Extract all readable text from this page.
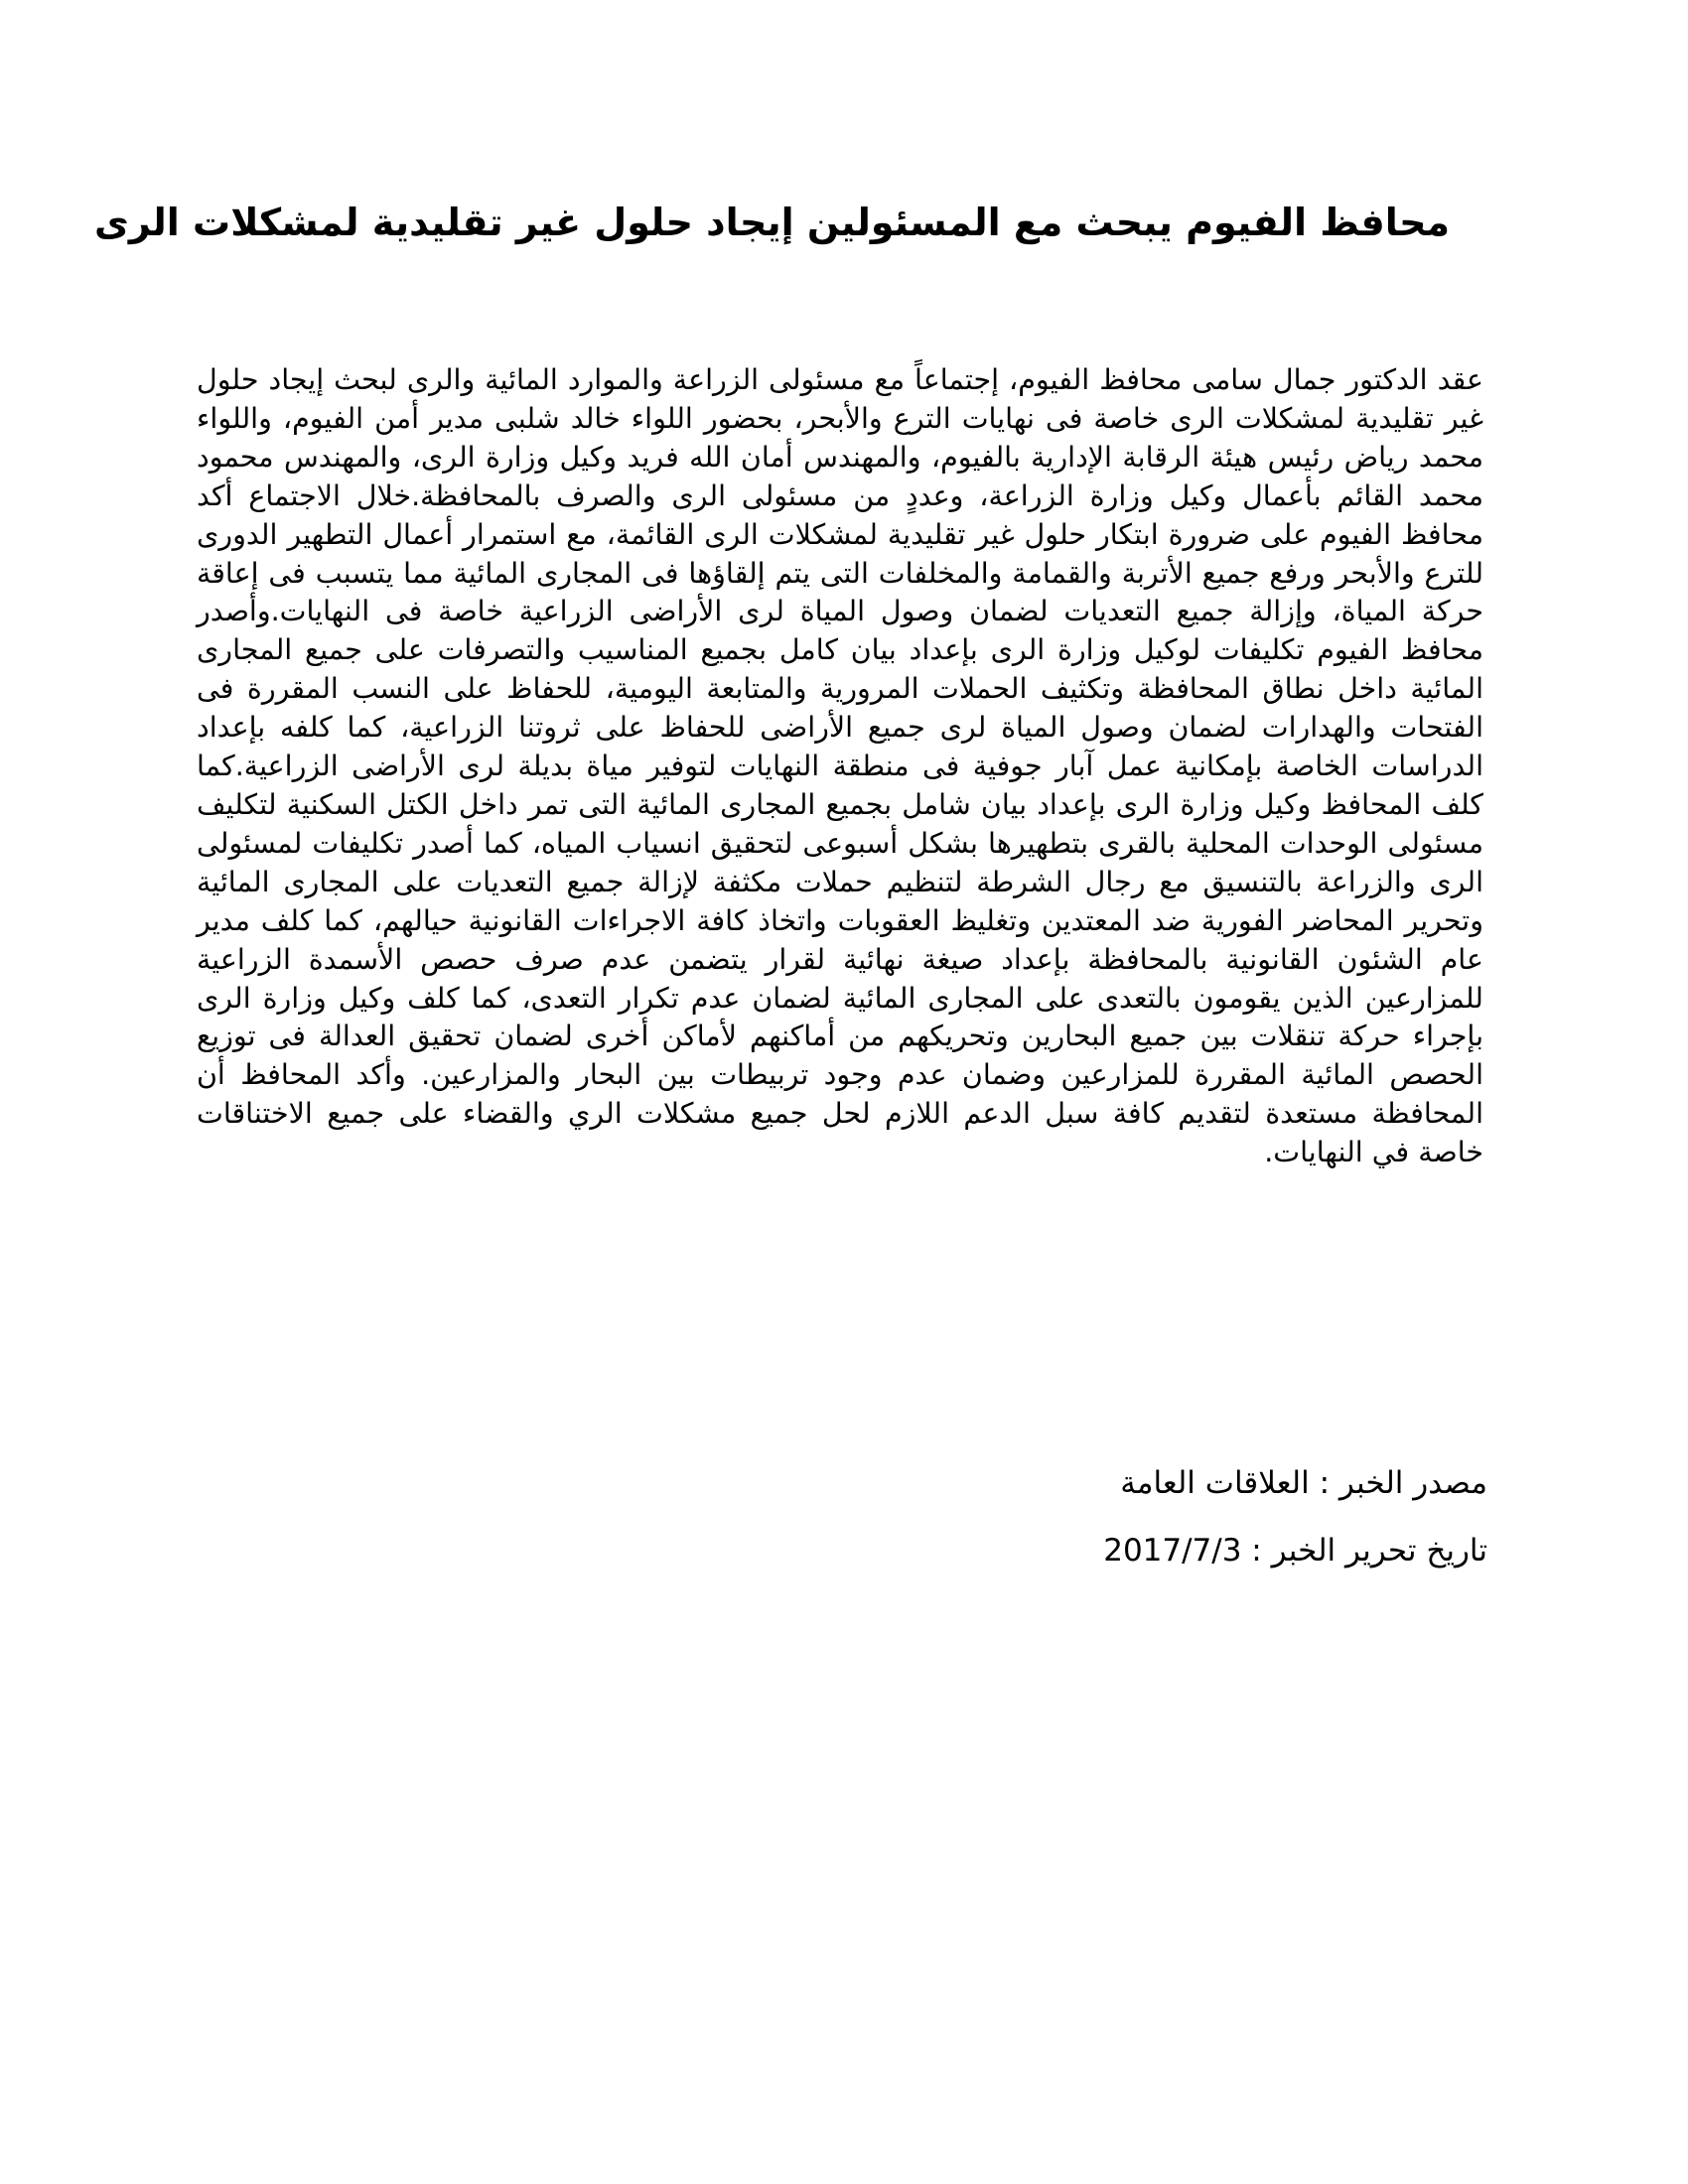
محافظ الفيوم يبحث مع المسئولين إيجاد حلول غير تقليدية لمشكلات الرى

عقد الدكتور جمال سامى محافظ الفيوم، إجتماعاً مع مسئولى الزراعة والموارد المائية والرى لبحث إيجاد حلول غير تقليدية لمشكلات الرى خاصة فى نهايات الترع والأبحر، بحضور اللواء خالد شلبى مدير أمن الفيوم، واللواء محمد رياض رئيس هيئة الرقابة الإدارية بالفيوم، والمهندس أمان الله فريد وكيل وزارة الرى، والمهندس محمود محمد القائم بأعمال وكيل وزارة الزراعة، وعددٍ من مسئولى الرى والصرف بالمحافظة.خلال الاجتماع أكد محافظ الفيوم على ضرورة ابتكار حلول غير تقليدية لمشكلات الرى القائمة، مع استمرار أعمال التطهير الدورى للترع والأبحر ورفع جميع الأتربة والقمامة والمخلفات التى يتم إلقاؤها فى المجارى المائية مما يتسبب فى إعاقة حركة المياة، وإزالة جميع التعديات لضمان وصول المياة لرى الأراضى الزراعية خاصة فى النهايات.وأصدر محافظ الفيوم تكليفات لوكيل وزارة الرى بإعداد بيان كامل بجميع المناسيب والتصرفات على جميع المجارى المائية داخل نطاق المحافظة وتكثيف الحملات المرورية والمتابعة اليومية، للحفاظ على النسب المقررة فى الفتحات والهدارات لضمان وصول المياة لرى جميع الأراضى للحفاظ على ثروتنا الزراعية، كما كلفه بإعداد الدراسات الخاصة بإمكانية عمل آبار جوفية فى منطقة النهايات لتوفير مياة بديلة لرى الأراضى الزراعية.كما كلف المحافظ وكيل وزارة الرى بإعداد بيان شامل بجميع المجارى المائية التى تمر داخل الكتل السكنية لتكليف مسئولى الوحدات المحلية بالقرى بتطهيرها بشكل أسبوعى لتحقيق انسياب المياه، كما أصدر تكليفات لمسئولى الرى والزراعة بالتنسيق مع رجال الشرطة لتنظيم حملات مكثفة لإزالة جميع التعديات على المجارى المائية وتحرير المحاضر الفورية ضد المعتدين وتغليظ العقوبات واتخاذ كافة الاجراءات القانونية حيالهم، كما كلف مدير عام الشئون القانونية بالمحافظة بإعداد صيغة نهائية لقرار يتضمن عدم صرف حصص الأسمدة الزراعية للمزارعين الذين يقومون بالتعدى على المجارى المائية لضمان عدم تكرار التعدى، كما كلف وكيل وزارة الرى بإجراء حركة تنقلات بين جميع البحارين وتحريكهم من أماكنهم لأماكن أخرى لضمان تحقيق العدالة فى توزيع الحصص المائية المقررة للمزارعين وضمان عدم وجود تربيطات بين البحار والمزارعين. وأكد المحافظ أن المحافظة مستعدة لتقديم كافة سبل الدعم اللازم لحل جميع مشكلات الري والقضاء على جميع الاختناقات خاصة في النهايات.

مصدر الخبر : العلاقات العامة

تاريخ تحرير الخبر : 2017/7/3
